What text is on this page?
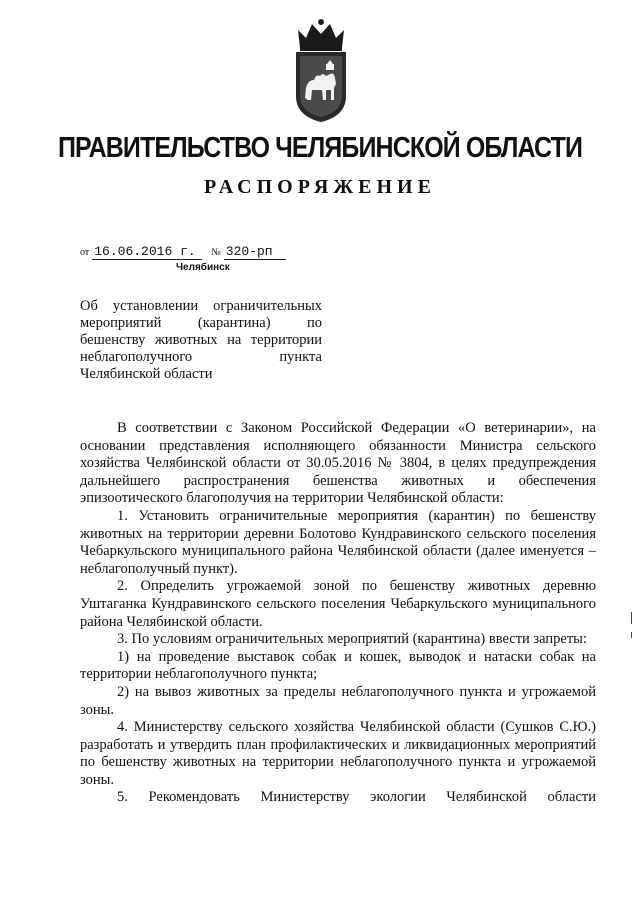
ПРАВИТЕЛЬСТВО ЧЕЛЯБИНСКОЙ ОБЛАСТИ
РАСПОРЯЖЕНИЕ
от 16.06.2016 г. № 320-рп
Челябинск
Об установлении ограничительных мероприятий (карантина) по бешенству животных на территории неблагополучного пункта Челябинской области

В соответствии с Законом Российской Федерации «О ветеринарии», на основании представления исполняющего обязанности Министра сельского хозяйства Челябинской области от 30.05.2016 № 3804, в целях предупреждения дальнейшего распространения бешенства животных и обеспечения эпизоотического благополучия на территории Челябинской области:

1. Установить ограничительные мероприятия (карантин) по бешенству животных на территории деревни Болотово Кундравинского сельского поселения Чебаркульского муниципального района Челябинской области (далее именуется – неблагополучный пункт).

2. Определить угрожаемой зоной по бешенству животных деревню Уштаганка Кундравинского сельского поселения Чебаркульского муниципального района Челябинской области.

3. По условиям ограничительных мероприятий (карантина) ввести запреты:

1) на проведение выставок собак и кошек, выводок и натаски собак на территории неблагополучного пункта;

2) на вывоз животных за пределы неблагополучного пункта и угрожаемой зоны.

4. Министерству сельского хозяйства Челябинской области (Сушков С.Ю.) разработать и утвердить план профилактических и ликвидационных мероприятий по бешенству животных на территории неблагополучного пункта и угрожаемой зоны.

5. Рекомендовать Министерству экологии Челябинской области
